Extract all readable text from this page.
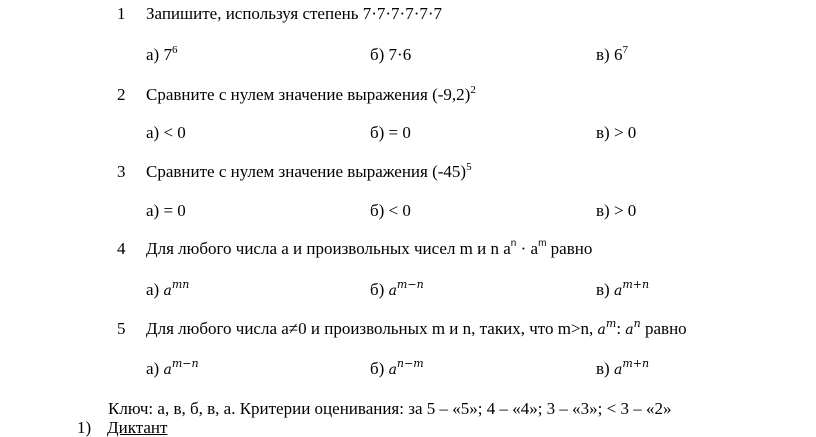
1 Запишите, используя степень 7·7·7·7·7·7
а) $7^6$	б) 7·6	в) $6^7$
2 Сравните с нулем значение выражения $(-9,2)^2$
а) < 0	б) = 0	в) > 0
3 Сравните с нулем значение выражения $(-45)^5$
а) = 0	б) < 0	в) > 0
4 Для любого числа а и произвольных чисел m и n $a^n \cdot a^m$ равно
а) $a^{mn}$	б) $a^{m-n}$	в) $a^{m+n}$
5 Для любого числа a≠0 и произвольных m и n, таких, что m>n, $a^m$: $a^n$ равно
а) $a^{m-n}$	б) $a^{n-m}$	в) $a^{m+n}$
Ключ: а, в, б, в, а. Критерии оценивания: за 5 – «5»; 4 – «4»; 3 – «3»; < 3 – «2»
1) Диктант
